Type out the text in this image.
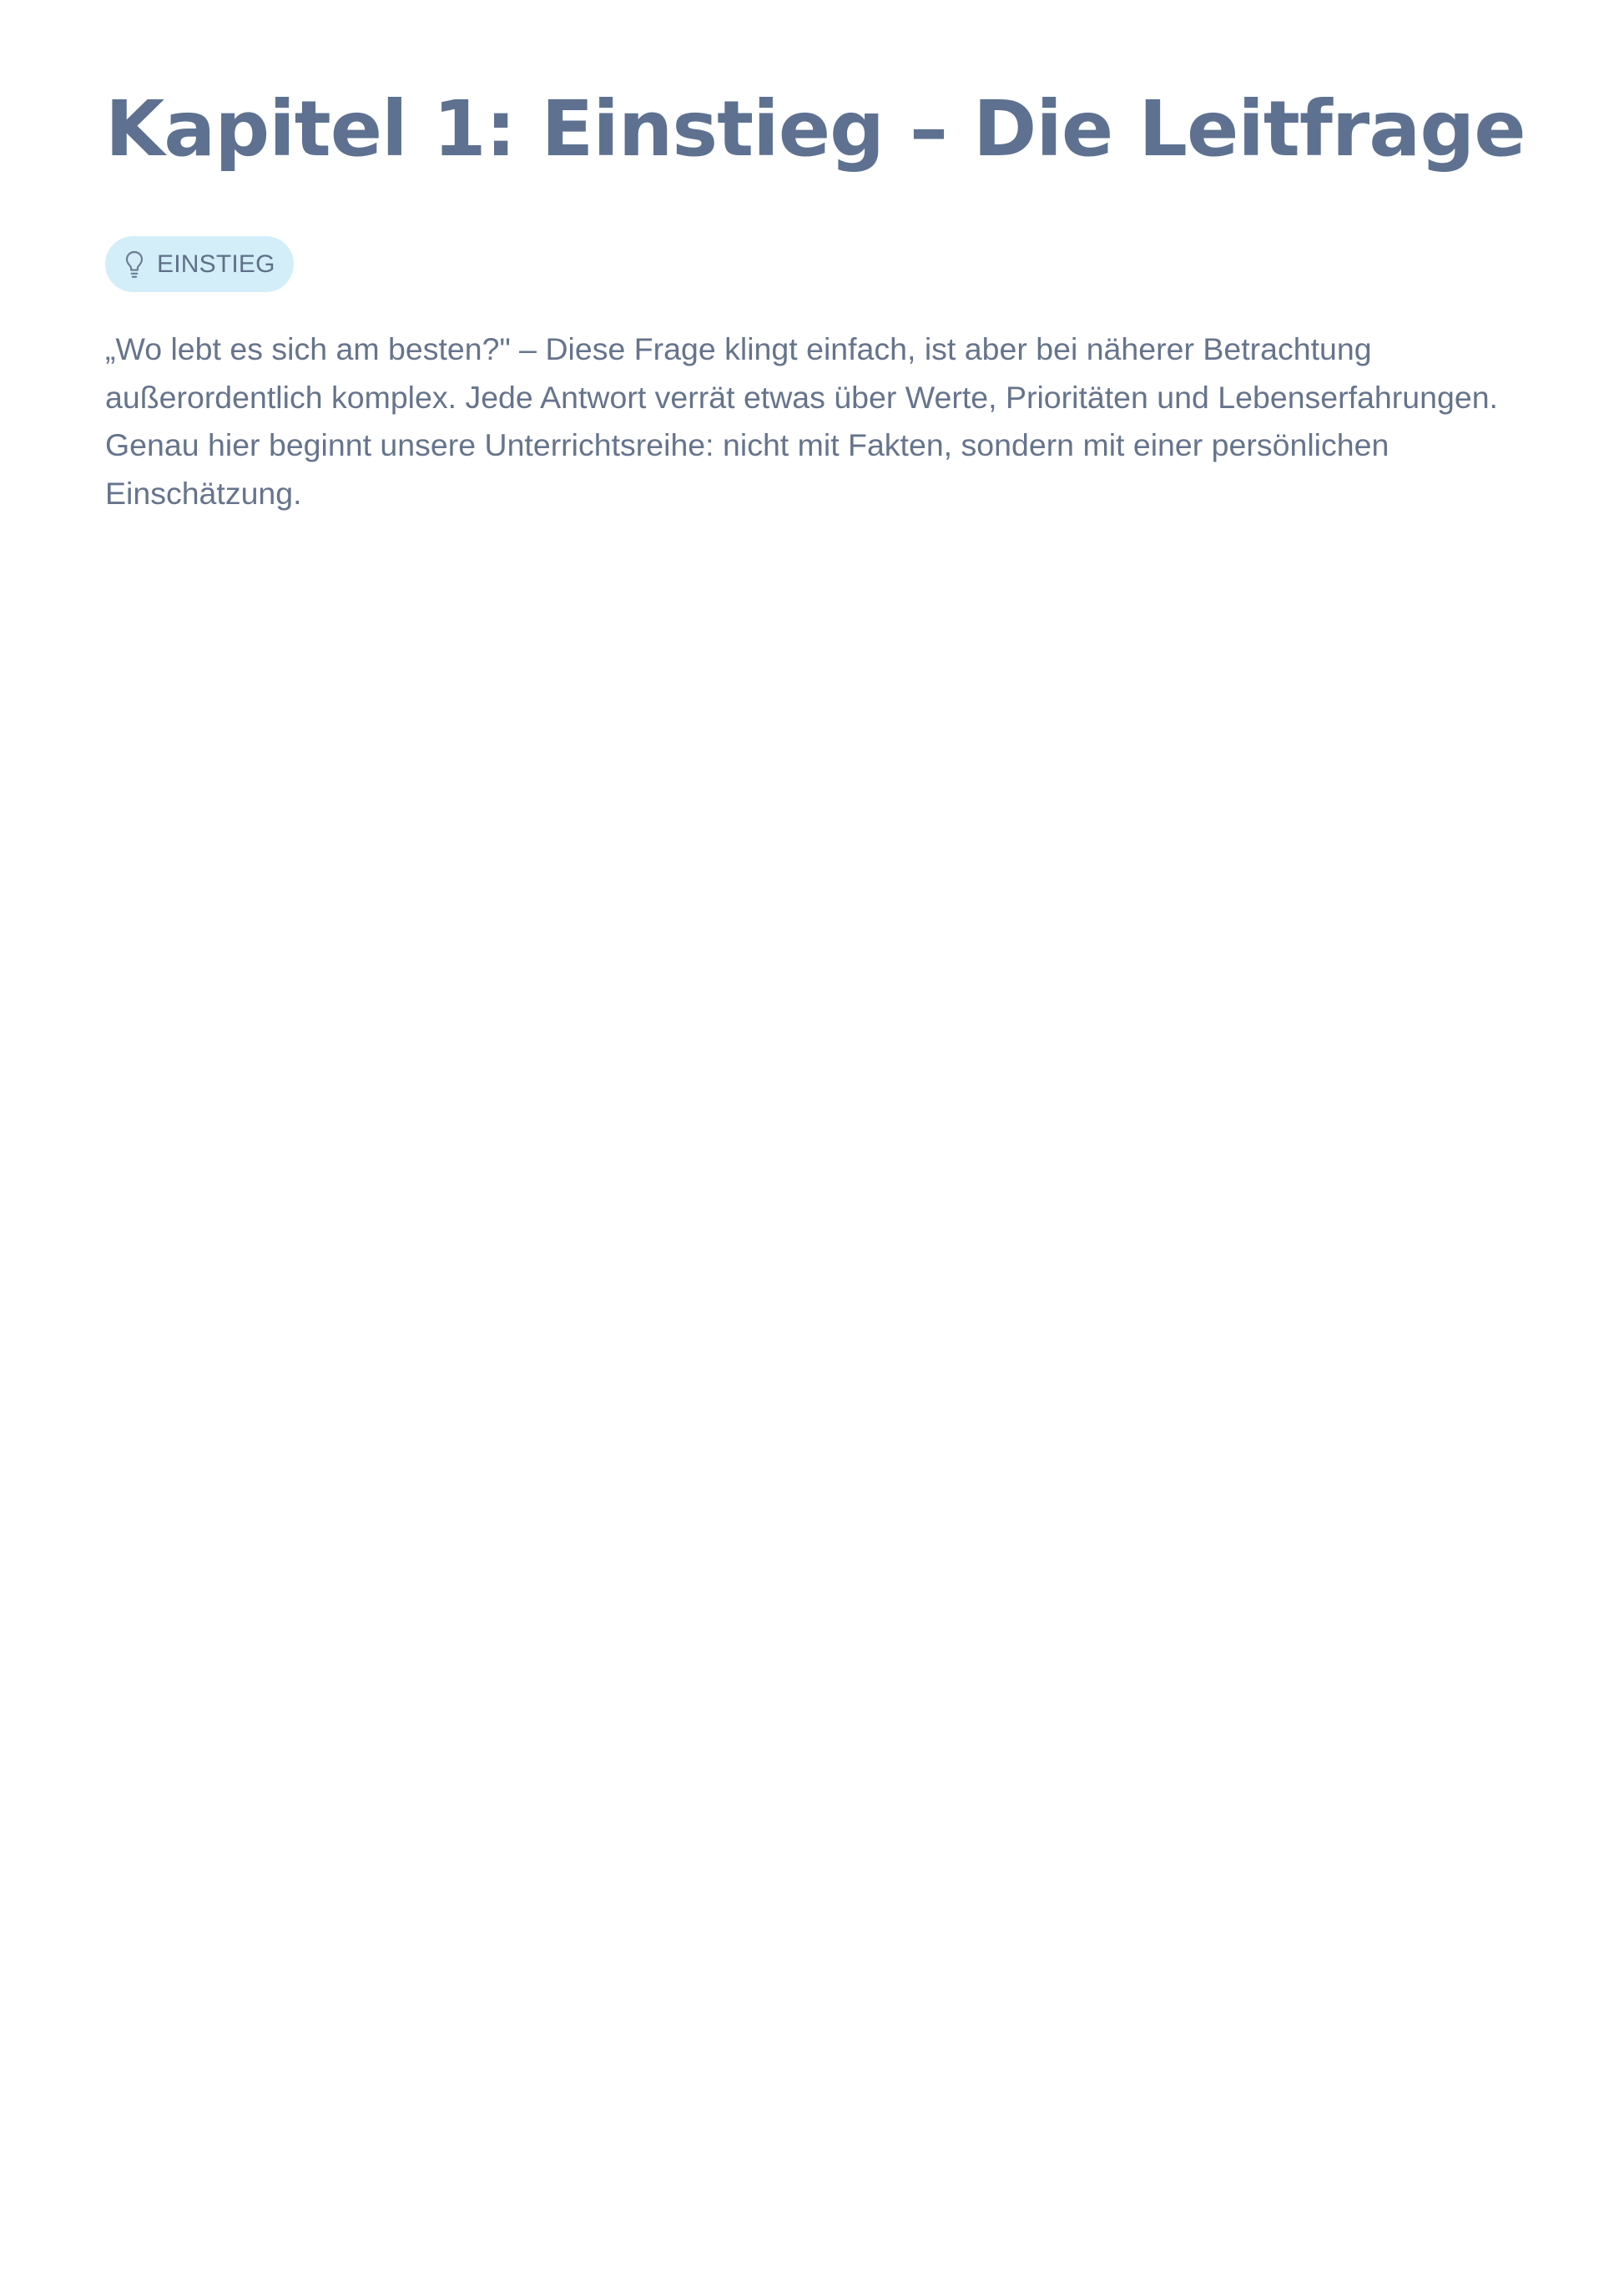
Kapitel 1: Einstieg – Die Leitfrage
EINSTIEG

„Wo lebt es sich am besten?" – Diese Frage klingt einfach, ist aber bei näherer Betrachtung außerordentlich komplex. Jede Antwort verrät etwas über Werte, Prioritäten und Lebenserfahrungen. Genau hier beginnt unsere Unterrichtsreihe: nicht mit Fakten, sondern mit einer persönlichen Einschätzung.
